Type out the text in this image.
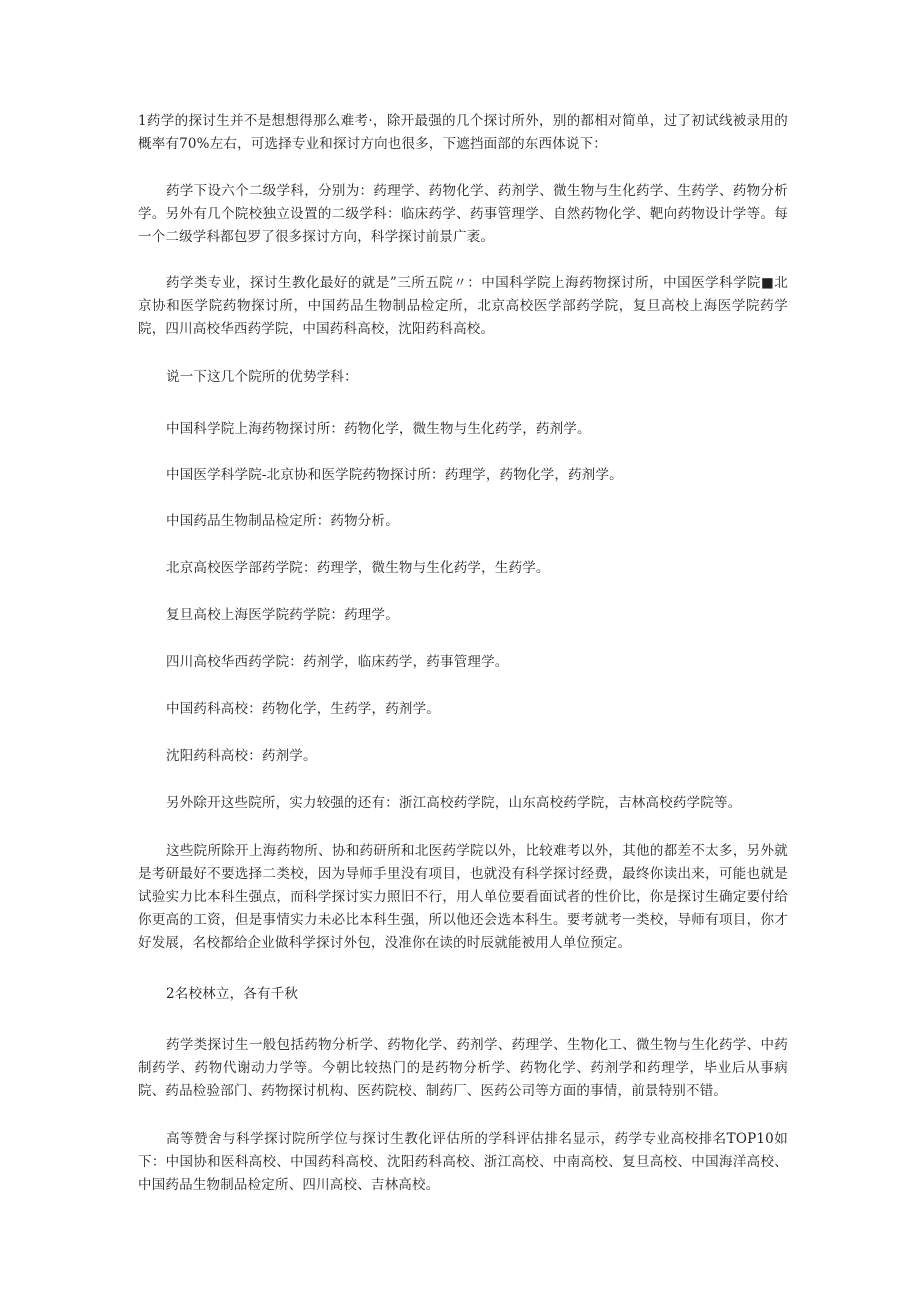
1药学的探讨生并不是想想得那么难考·，除开最强的几个探讨所外，别的都相对简单，过了初试线被录用的概率有70%左右，可选择专业和探讨方向也很多，下遮挡面部的东西体说下：

药学下设六个二级学科，分别为：药理学、药物化学、药剂学、微生物与生化药学、生药学、药物分析学。另外有几个院校独立设置的二级学科：临床药学、药事管理学、自然药物化学、靶向药物设计学等。每一个二级学科都包罗了很多探讨方向，科学探讨前景广袤。

药学类专业，探讨生教化最好的就是”三所五院〃：中国科学院上海药物探讨所，中国医学科学院■北京协和医学院药物探讨所，中国药品生物制品检定所，北京高校医学部药学院，复旦高校上海医学院药学院，四川高校华西药学院，中国药科高校，沈阳药科高校。

说一下这几个院所的优势学科：

中国科学院上海药物探讨所：药物化学，微生物与生化药学，药剂学。

中国医学科学院-北京协和医学院药物探讨所：药理学，药物化学，药剂学。

中国药品生物制品检定所：药物分析。

北京高校医学部药学院：药理学，微生物与生化药学，生药学。

复旦高校上海医学院药学院：药理学。

四川高校华西药学院：药剂学，临床药学，药事管理学。

中国药科高校：药物化学，生药学，药剂学。

沈阳药科高校：药剂学。

另外除开这些院所，实力较强的还有：浙江高校药学院，山东高校药学院，吉林高校药学院等。

这些院所除开上海药物所、协和药研所和北医药学院以外，比较难考以外，其他的都差不太多，另外就是考研最好不要选择二类校，因为导师手里没有项目，也就没有科学探讨经费，最终你读出来，可能也就是试验实力比本科生强点，而科学探讨实力照旧不行，用人单位要看面试者的性价比，你是探讨生确定要付给你更高的工资，但是事情实力未必比本科生强，所以他还会选本科生。要考就考一类校，导师有项目，你才好发展，名校都给企业做科学探讨外包，没准你在读的时辰就能被用人单位预定。

2名校林立，各有千秋

药学类探讨生一般包括药物分析学、药物化学、药剂学、药理学、生物化工、微生物与生化药学、中药制药学、药物代谢动力学等。今朝比较热门的是药物分析学、药物化学、药剂学和药理学，毕业后从事病院、药品检验部门、药物探讨机构、医药院校、制药厂、医药公司等方面的事情，前景特别不错。

高等赞舍与科学探讨院所学位与探讨生教化评估所的学科评估排名显示，药学专业高校排名TOP10如下：中国协和医科高校、中国药科高校、沈阳药科高校、浙江高校、中南高校、复旦高校、中国海洋高校、中国药品生物制品检定所、四川高校、吉林高校。
